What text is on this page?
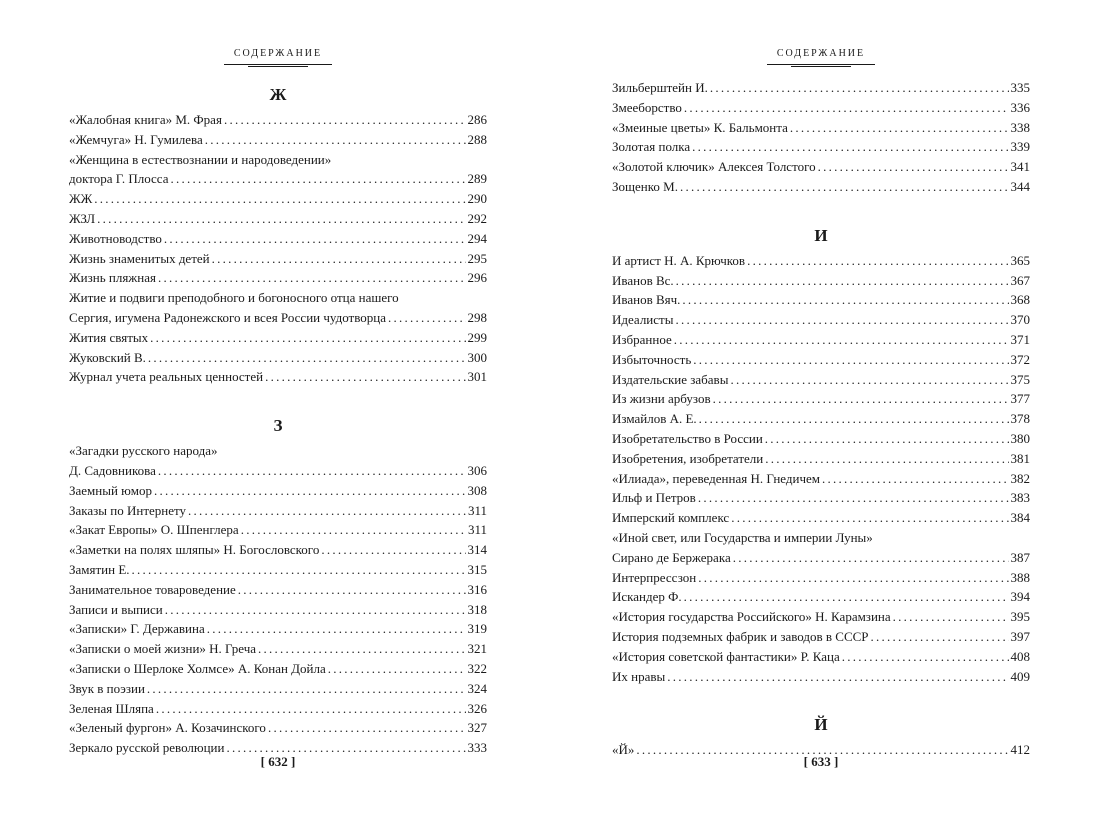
СОДЕРЖАНИЕ
Ж
«Жалобная книга» М. Фрая . . .	286
«Жемчуга» Н. Гумилева . . .	288
«Женщина в естествознании и народоведении»
доктора Г. Плосса . . .	289
ЖЖ . . .	290
ЖЗЛ . . .	292
Животноводство . . .	294
Жизнь знаменитых детей . . .	295
Жизнь пляжная . . .	296
Житие и подвиги преподобного и богоносного отца нашего
Сергия, игумена Радонежского и всея России чудотворца . . .	298
Жития святых . . .	299
Жуковский В. . . .	300
Журнал учета реальных ценностей . . .	301
З
«Загадки русского народа»
Д. Садовникова . . .	306
Заемный юмор . . .	308
Заказы по Интернету . . .	311
«Закат Европы» О. Шпенглера . . .	311
«Заметки на полях шляпы» Н. Богословского . . .	314
Замятин Е. . . .	315
Занимательное товароведение . . .	316
Записи и выписи . . .	318
«Записки» Г. Державина . . .	319
«Записки о моей жизни» Н. Греча . . .	321
«Записки о Шерлоке Холмсе» А. Конан Дойла . . .	322
Звук в поэзии . . .	324
Зеленая Шляпа . . .	326
«Зеленый фургон» А. Козачинского . . .	327
Зеркало русской революции . . .	333
[ 632 ]
СОДЕРЖАНИЕ
Зильберштейн И. . . .	335
Змееборство . . .	336
«Змеиные цветы» К. Бальмонта . . .	338
Золотая полка . . .	339
«Золотой ключик» Алексея Толстого . . .	341
Зощенко М. . . .	344
И
И артист Н. А. Крючков . . .	365
Иванов Вс. . . .	367
Иванов Вяч. . . .	368
Идеалисты . . .	370
Избранное . . .	371
Избыточность . . .	372
Издательские забавы . . .	375
Из жизни арбузов . . .	377
Измайлов А. Е. . . .	378
Изобретательство в России . . .	380
Изобретения, изобретатели . . .	381
«Илиада», переведенная Н. Гнедичем . . .	382
Ильф и Петров . . .	383
Имперский комплекс . . .	384
«Иной свет, или Государства и империи Луны»
Сирано де Бержерака . . .	387
Интерпрессзон . . .	388
Искандер Ф. . . .	394
«История государства Российского» Н. Карамзина . . .	395
История подземных фабрик и заводов в СССР . . .	397
«История советской фантастики» Р. Каца . . .	408
Их нравы . . .	409
Й
«Й» . . .	412
[ 633 ]
